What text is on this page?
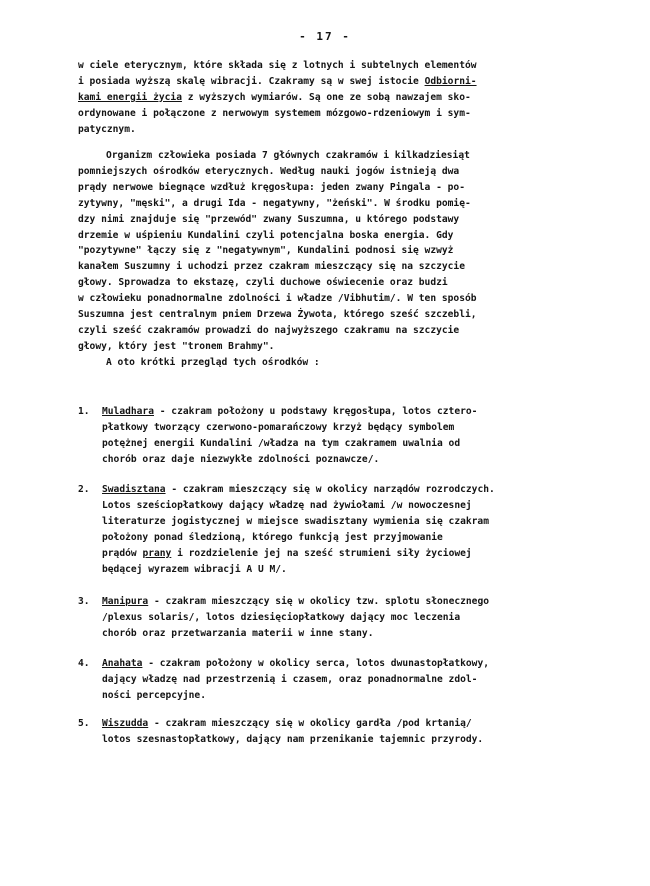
- 17 -
w ciele eterycznym, które składa się z lotnych i subtelnych elementów
i posiada wyższą skalę wibracji. Czakramy są w swej istocie Odbiorni-
kami energii życia z wyższych wymiarów. Są one ze sobą nawzajem sko-
ordynowane i połączone z nerwowym systemem mózgowo-rdzeniowym i sym-
patycznym.
Organizm człowieka posiada 7 głównych czakramów i kilkadziesiąt
pomniejszych ośrodków eterycznych. Według nauki jogów istnieją dwa
prądy nerwowe biegnące wzdłuż kręgosłupa: jeden zwany Pingala - po-
zytywny, "męski", a drugi Ida - negatywny, "żeński". W środku pomię-
dzy nimi znajduje się "przewód" zwany Suszumna, u którego podstawy
drzemie w uśpieniu Kundalini czyli potencjalna boska energia. Gdy
"pozytywne" łączy się z "negatywnym", Kundalini podnosi się wzwyż
kanałem Suszumny i uchodzi przez czakram mieszczący się na szczycie
głowy. Sprowadza to ekstazę, czyli duchowe oświecenie oraz budzi
w człowieku ponadnormalne zdolności i władze /Vibhutim/. W ten sposób
Suszumna jest centralnym pniem Drzewa Żywota, którego sześć szczebli,
czyli sześć czakramów prowadzi do najwyższego czakramu na szczycie
głowy, który jest "tronem Brahmy".
A oto krótki przegląd tych ośrodków :
1. Muladhara - czakram położony u podstawy kręgosłupa, lotos cztero-
płatkowy tworzący czerwono-pomarańczowy krzyż będący symbolem
potężnej energii Kundalini /władza na tym czakramem uwalnia od
chorób oraz daje niezwykłe zdolności poznawcze/.
2. Swadisztana - czakram mieszczący się w okolicy narządów rozrodczych.
Lotos sześciopłatkowy dający władzę nad żywiołami /w nowoczesnej
literaturze jogistycznej w miejsce swadisztany wymienia się czakram
położony ponad śledzioną, którego funkcją jest przyjmowanie
prądów prany i rozdzielenie jej na sześć strumieni siły życiowej
będącej wyrazem wibracji A U M/.
3. Manipura - czakram mieszczący się w okolicy tzw. splotu słonecznego
/plexus solaris/, lotos dziesięciopłatkowy dający moc leczenia
chorób oraz przetwarzania materii w inne stany.
4. Anahata - czakram położony w okolicy serca, lotos dwunastopłatkowy,
dający władzę nad przestrzenią i czasem, oraz ponadnormalne zdol-
ności percepcyjne.
5. Wiszudda - czakram mieszczący się w okolicy gardła /pod krtanią/
lotos szesnastopłatkowy, dający nam przenikanie tajemnic przyrody.
